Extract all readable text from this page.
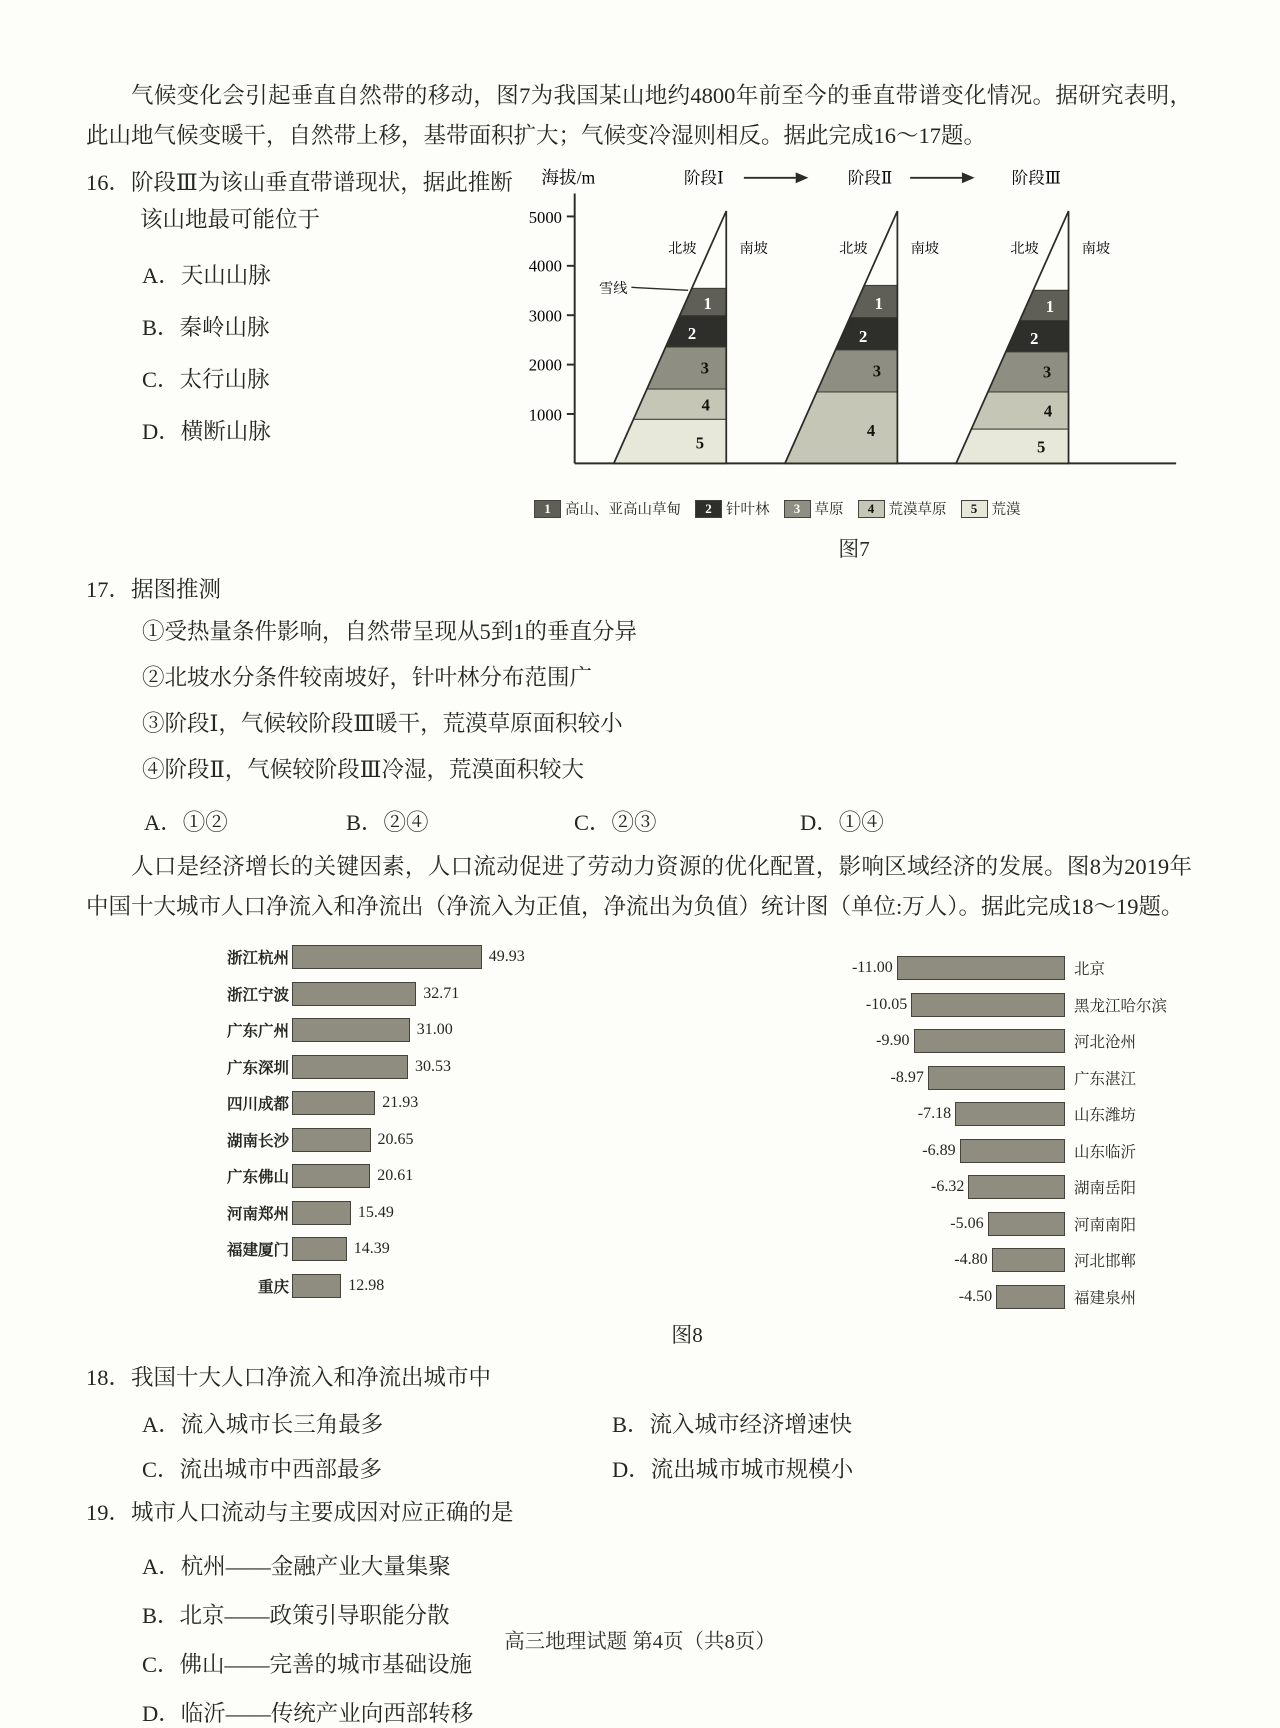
气候变化会引起垂直自然带的移动，图7为我国某山地约4800年前至今的垂直带谱变化情况。据研究表明，此山地气候变暖干，自然带上移，基带面积扩大；气候变冷湿则相反。据此完成16～17题。

16．阶段Ⅲ为该山垂直带谱现状，据此推断该山地最可能位于
A．天山山脉
B．秦岭山脉
C．太行山脉
D．横断山脉
海拔/m	阶段Ⅰ	阶段Ⅱ	阶段Ⅲ
5000
4000
3000
2000
1000
1
2
3
4
5
北坡	南坡
雪线
1
2
3
4
北坡	南坡
1
2
3
4
5
北坡	南坡
1 高山、亚高山草甸	2 针叶林	3 草原	4 荒漠草原	5 荒漠
图7
17．据图推测
①受热量条件影响，自然带呈现从5到1的垂直分异
②北坡水分条件较南坡好，针叶林分布范围广
③阶段Ⅰ，气候较阶段Ⅲ暖干，荒漠草原面积较小
④阶段Ⅱ，气候较阶段Ⅲ冷湿，荒漠面积较大
A．①②	B．②④	C．②③	D．①④

人口是经济增长的关键因素，人口流动促进了劳动力资源的优化配置，影响区域经济的发展。图8为2019年中国十大城市人口净流入和净流出（净流入为正值，净流出为负值）统计图（单位:万人）。据此完成18～19题。

浙江杭州	49.93
浙江宁波	32.71
广东广州	31.00
广东深圳	30.53
四川成都	21.93
湖南长沙	20.65
广东佛山	20.61
河南郑州	15.49
福建厦门	14.39
重庆	12.98
-11.00	北京
-10.05	黑龙江哈尔滨
-9.90	河北沧州
-8.97	广东湛江
-7.18	山东潍坊
-6.89	山东临沂
-6.32	湖南岳阳
-5.06	河南南阳
-4.80	河北邯郸
-4.50	福建泉州
图8
18．我国十大人口净流入和净流出城市中
A．流入城市长三角最多	B．流入城市经济增速快
C．流出城市中西部最多	D．流出城市城市规模小
19．城市人口流动与主要成因对应正确的是
A．杭州——金融产业大量集聚
B．北京——政策引导职能分散
C．佛山——完善的城市基础设施
D．临沂——传统产业向西部转移
高三地理试题 第4页（共8页）
